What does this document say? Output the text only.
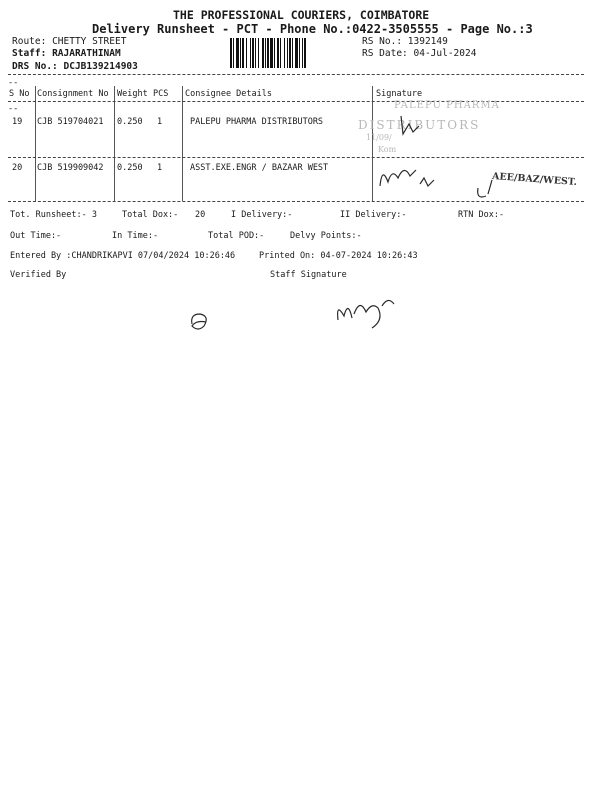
THE PROFESSIONAL COURIERS, COIMBATORE
Delivery Runsheet - PCT - Phone No.:0422-3505555 - Page No.:3
Route: CHETTY STREET
Staff: RAJARATHINAM
DRS No.: DCJB139214903
RS No.: 1392149
RS Date: 04-Jul-2024
--
S No Consignment No Weight PCS Consignee Details	Signature
--
19 CJB 519704021 0.250 1	PALEPU PHARMA DISTRIBUTORS
PALEPU PHARMA
DISTRIBUTORS
11/09/
Kom
20 CJB 519909042 0.250 1	ASST.EXE.ENGR / BAZAAR WEST
AEE/BAZ/WEST.
Tot. Runsheet:- 3	Total Dox:- 20	I Delivery:-	II Delivery:-	RTN Dox:-
Out Time:-	In Time:-	Total POD:-	Delvy Points:-
Entered By :CHANDRIKAPVI 07/04/2024 10:26:46	Printed On: 04-07-2024 10:26:43
Verified By	Staff Signature
